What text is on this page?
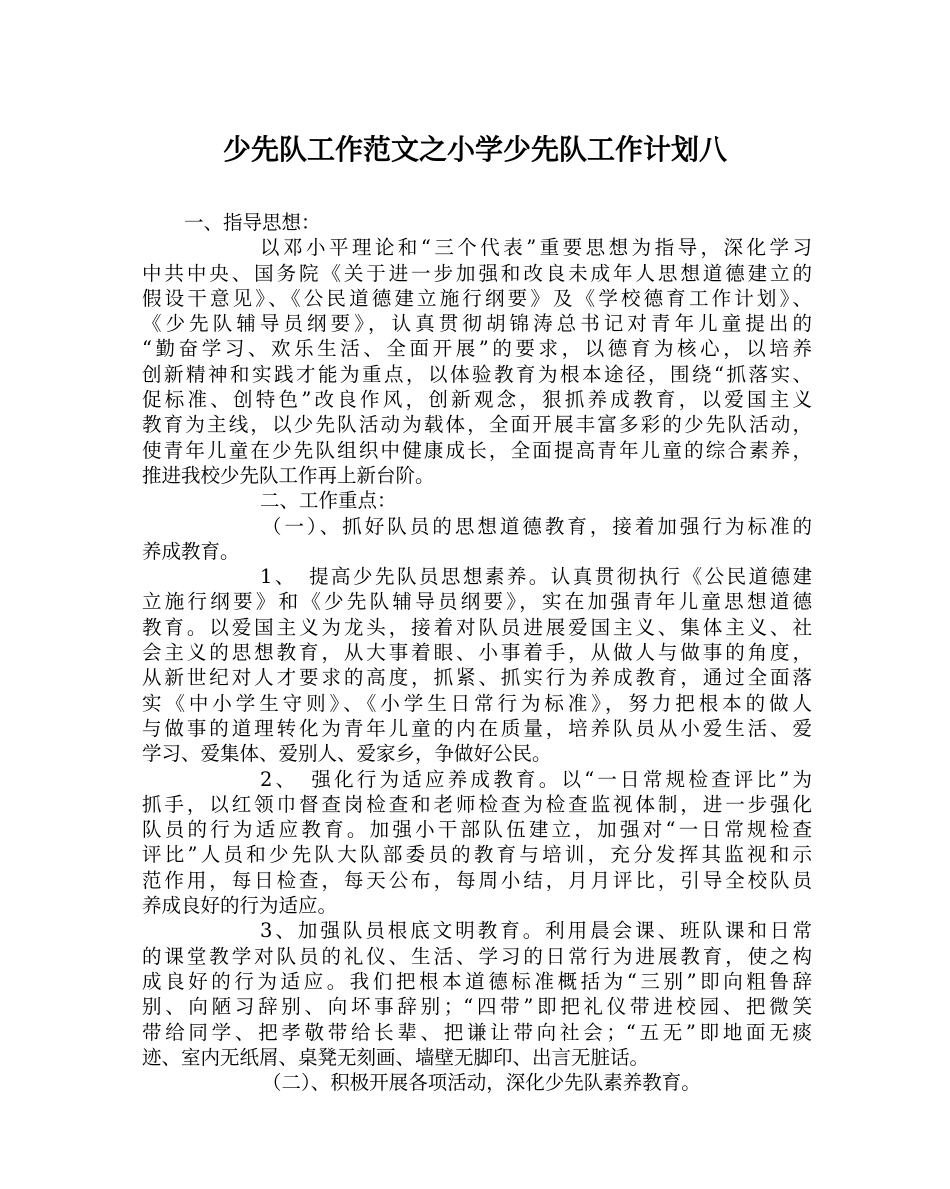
少先队工作范文之小学少先队工作计划八
一、指导思想：
以邓小平理论和“三个代表”重要思想为指导，深化学习
中共中央、国务院《关于进一步加强和改良未成年人思想道德建立的
假设干意见》、《公民道德建立施行纲要》及《学校德育工作计划》、
《少先队辅导员纲要》，认真贯彻胡锦涛总书记对青年儿童提出的
“勤奋学习、欢乐生活、全面开展”的要求，以德育为核心，以培养
创新精神和实践才能为重点，以体验教育为根本途径，围绕“抓落实、
促标准、创特色”改良作风，创新观念，狠抓养成教育，以爱国主义
教育为主线，以少先队活动为载体，全面开展丰富多彩的少先队活动，
使青年儿童在少先队组织中健康成长，全面提高青年儿童的综合素养，
推进我校少先队工作再上新台阶。
二、工作重点：
（一）、抓好队员的思想道德教育，接着加强行为标准的
养成教育。
1、　提高少先队员思想素养。认真贯彻执行《公民道德建
立施行纲要》和《少先队辅导员纲要》，实在加强青年儿童思想道德
教育。以爱国主义为龙头，接着对队员进展爱国主义、集体主义、社
会主义的思想教育，从大事着眼、小事着手，从做人与做事的角度，
从新世纪对人才要求的高度，抓紧、抓实行为养成教育，通过全面落
实《中小学生守则》、《小学生日常行为标准》，努力把根本的做人
与做事的道理转化为青年儿童的内在质量，培养队员从小爱生活、爱
学习、爱集体、爱别人、爱家乡，争做好公民。
2、　强化行为适应养成教育。以“一日常规检查评比”为
抓手，以红领巾督查岗检查和老师检查为检查监视体制，进一步强化
队员的行为适应教育。加强小干部队伍建立，加强对“一日常规检查
评比”人员和少先队大队部委员的教育与培训，充分发挥其监视和示
范作用，每日检查，每天公布，每周小结，月月评比，引导全校队员
养成良好的行为适应。
3、加强队员根底文明教育。利用晨会课、班队课和日常
的课堂教学对队员的礼仪、生活、学习的日常行为进展教育，使之构
成良好的行为适应。我们把根本道德标准概括为“三别”即向粗鲁辞
别、向陋习辞别、向坏事辞别；“四带”即把礼仪带进校园、把微笑
带给同学、把孝敬带给长辈、把谦让带向社会；“五无”即地面无痰
迹、室内无纸屑、桌凳无刻画、墙壁无脚印、出言无脏话。
（二）、积极开展各项活动，深化少先队素养教育。
